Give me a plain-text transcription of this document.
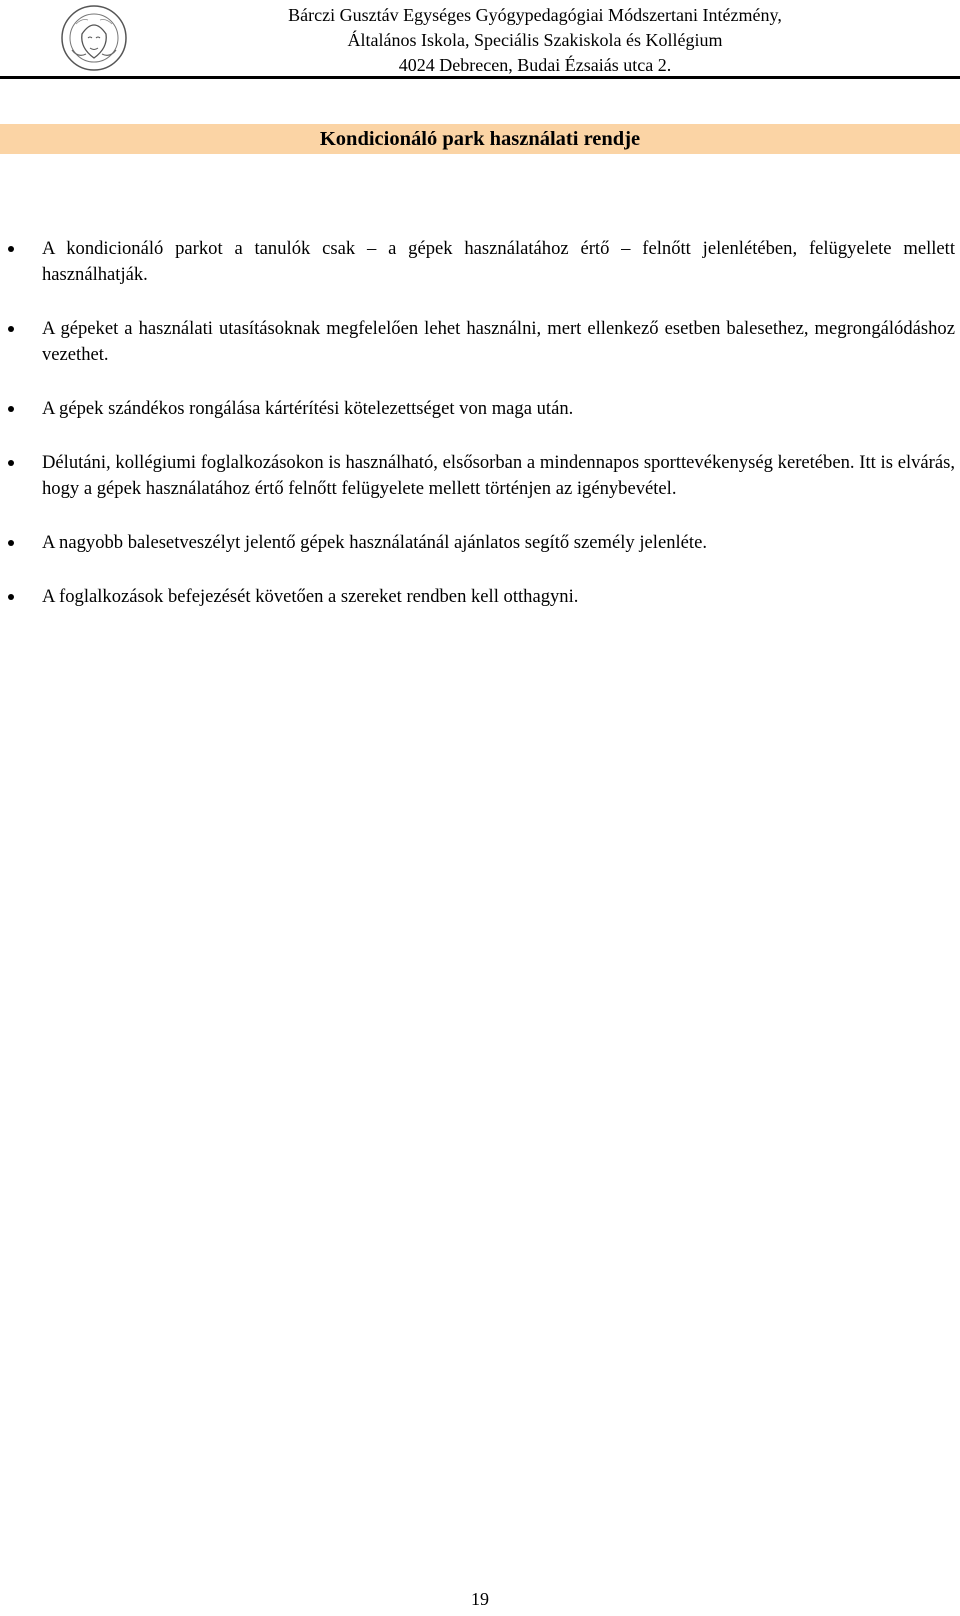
Bárczi Gusztáv Egységes Gyógypedagógiai Módszertani Intézmény,
Általános Iskola, Speciális Szakiskola és Kollégium
4024 Debrecen, Budai Ézsaiás utca 2.
Kondicionáló park használati rendje
A kondicionáló parkot a tanulók csak – a gépek használatához értő – felnőtt jelenlétében, felügyelete mellett használhatják.
A gépeket a használati utasításoknak megfelelően lehet használni, mert ellenkező esetben balesethez, megrongálódáshoz vezethet.
A gépek szándékos rongálása kártérítési kötelezettséget von maga után.
Délutáni, kollégiumi foglalkozásokon is használható, elsősorban a mindennapos sporttevékenység keretében. Itt is elvárás, hogy a gépek használatához értő felnőtt felügyelete mellett történjen az igénybevétel.
A nagyobb balesetveszélyt jelentő gépek használatánál ajánlatos segítő személy jelenléte.
A foglalkozások befejezését követően a szereket rendben kell otthagyni.
19
